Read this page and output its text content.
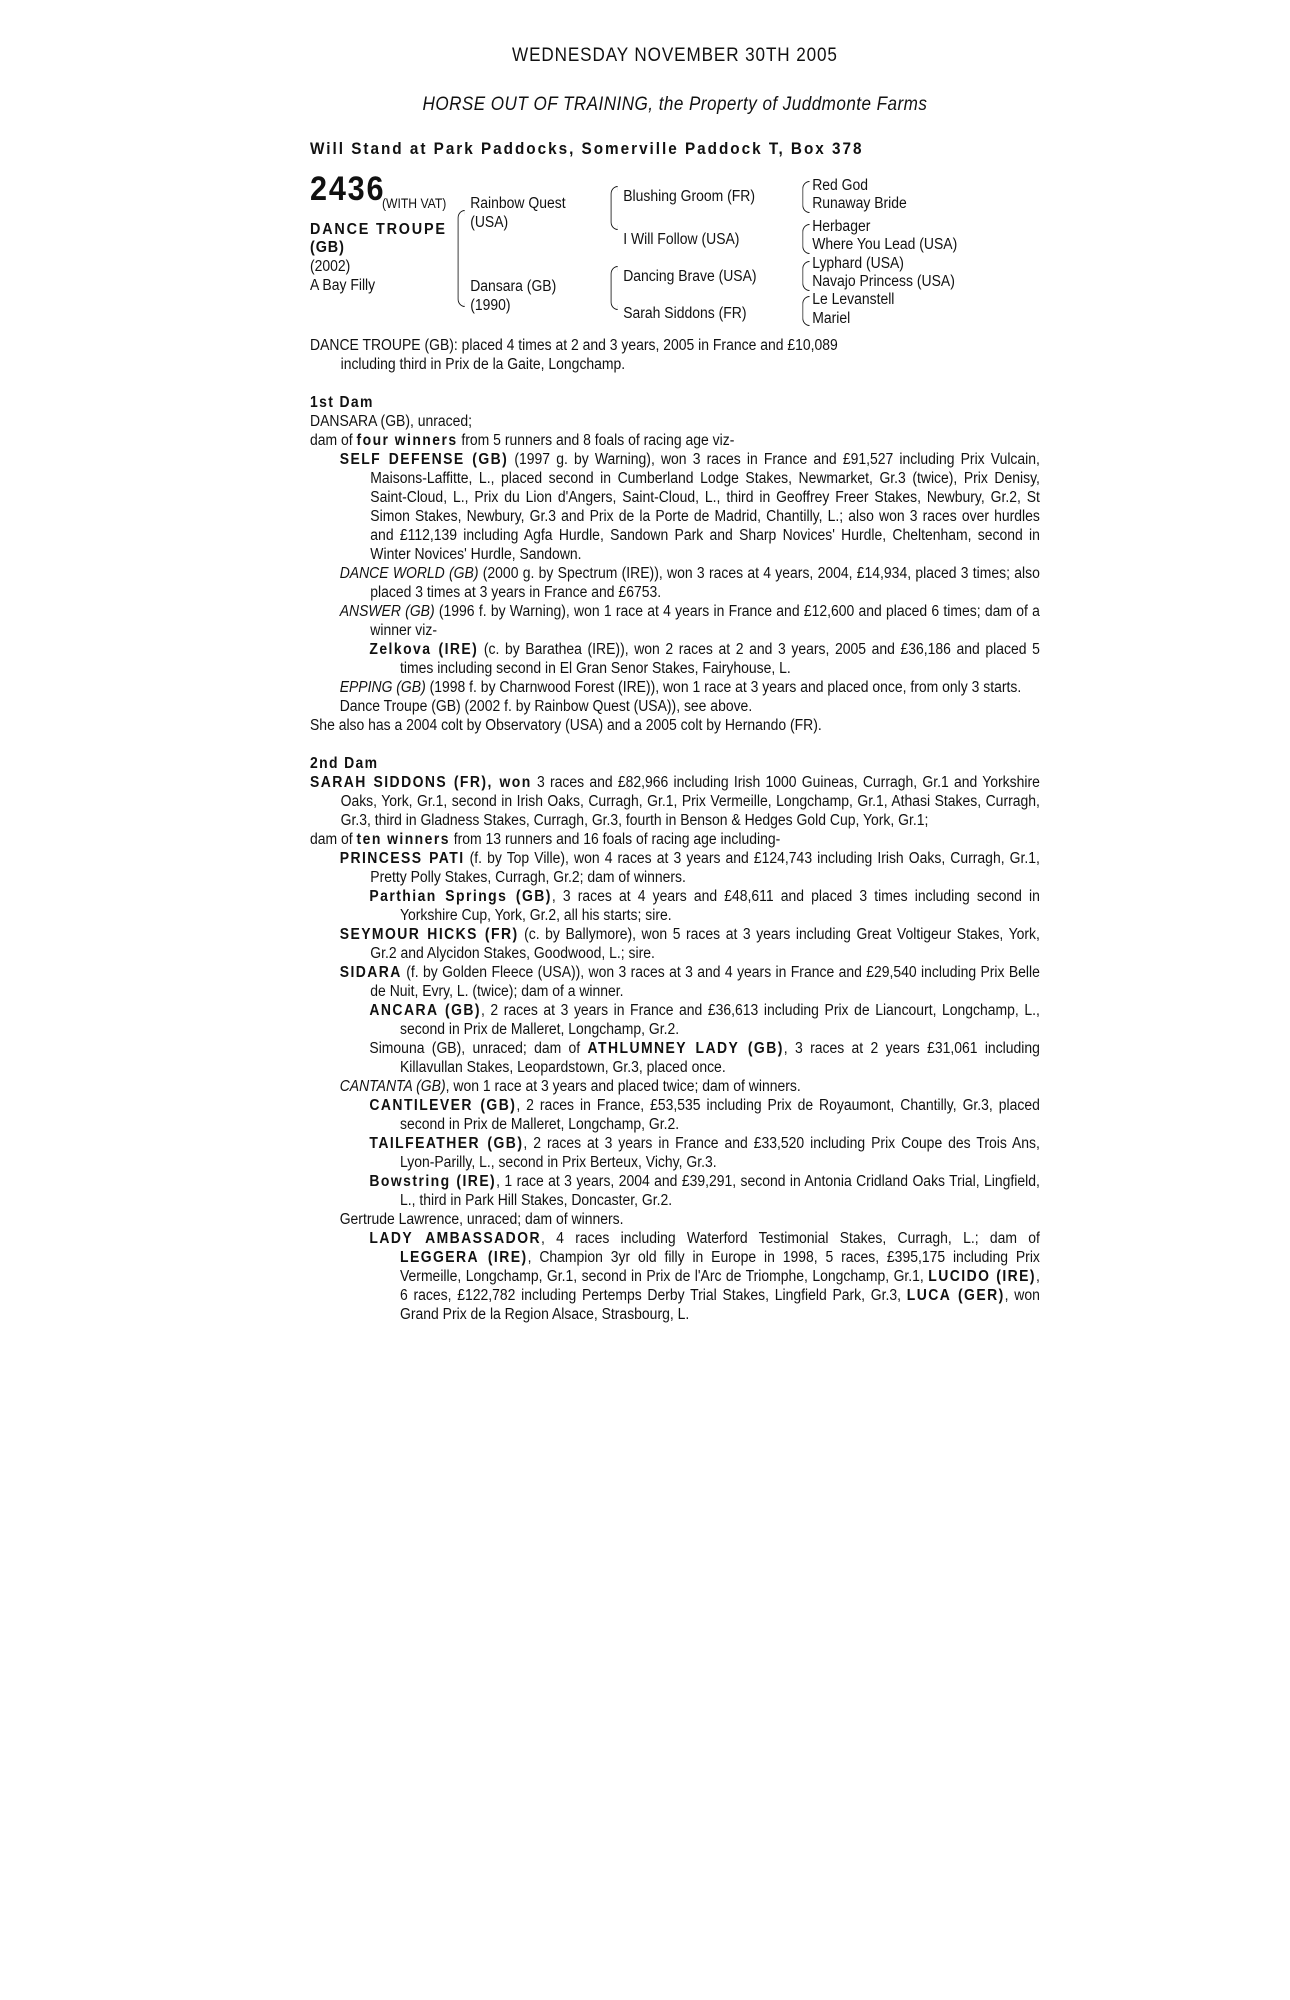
WEDNESDAY NOVEMBER 30TH 2005
HORSE OUT OF TRAINING, the Property of Juddmonte Farms
Will Stand at Park Paddocks, Somerville Paddock T, Box 378
2436
(WITH VAT)
DANCE TROUPE
(GB)
(2002)
A Bay Filly
Rainbow Quest
(USA)
Dansara (GB)
(1990)
Blushing Groom (FR)
I Will Follow (USA)
Dancing Brave (USA)
Sarah Siddons (FR)
Red God
Runaway Bride
Herbager
Where You Lead (USA)
Lyphard (USA)
Navajo Princess (USA)
Le Levanstell
Mariel

DANCE TROUPE (GB): placed 4 times at 2 and 3 years, 2005 in France and £10,089

including third in Prix de la Gaite, Longchamp.

1st Dam

DANSARA (GB), unraced;

dam of four winners from 5 runners and 8 foals of racing age viz-

SELF DEFENSE (GB) (1997 g. by Warning), won 3 races in France and £91,527 including Prix Vulcain, Maisons-Laffitte, L., placed second in Cumberland Lodge Stakes, Newmarket, Gr.3 (twice), Prix Denisy, Saint-Cloud, L., Prix du Lion d'Angers, Saint-Cloud, L., third in Geoffrey Freer Stakes, Newbury, Gr.2, St Simon Stakes, Newbury, Gr.3 and Prix de la Porte de Madrid, Chantilly, L.; also won 3 races over hurdles and £112,139 including Agfa Hurdle, Sandown Park and Sharp Novices' Hurdle, Cheltenham, second in Winter Novices' Hurdle, Sandown.

DANCE WORLD (GB) (2000 g. by Spectrum (IRE)), won 3 races at 4 years, 2004, £14,934, placed 3 times; also placed 3 times at 3 years in France and £6753.

ANSWER (GB) (1996 f. by Warning), won 1 race at 4 years in France and £12,600 and placed 6 times; dam of a winner viz-

Zelkova (IRE) (c. by Barathea (IRE)), won 2 races at 2 and 3 years, 2005 and £36,186 and placed 5 times including second in El Gran Senor Stakes, Fairyhouse, L.

EPPING (GB) (1998 f. by Charnwood Forest (IRE)), won 1 race at 3 years and placed once, from only 3 starts.

Dance Troupe (GB) (2002 f. by Rainbow Quest (USA)), see above.

She also has a 2004 colt by Observatory (USA) and a 2005 colt by Hernando (FR).

2nd Dam

SARAH SIDDONS (FR), won 3 races and £82,966 including Irish 1000 Guineas, Curragh, Gr.1 and Yorkshire Oaks, York, Gr.1, second in Irish Oaks, Curragh, Gr.1, Prix Vermeille, Longchamp, Gr.1, Athasi Stakes, Curragh, Gr.3, third in Gladness Stakes, Curragh, Gr.3, fourth in Benson & Hedges Gold Cup, York, Gr.1;

dam of ten winners from 13 runners and 16 foals of racing age including-

PRINCESS PATI (f. by Top Ville), won 4 races at 3 years and £124,743 including Irish Oaks, Curragh, Gr.1, Pretty Polly Stakes, Curragh, Gr.2; dam of winners.

Parthian Springs (GB), 3 races at 4 years and £48,611 and placed 3 times including second in Yorkshire Cup, York, Gr.2, all his starts; sire.

SEYMOUR HICKS (FR) (c. by Ballymore), won 5 races at 3 years including Great Voltigeur Stakes, York, Gr.2 and Alycidon Stakes, Goodwood, L.; sire.

SIDARA (f. by Golden Fleece (USA)), won 3 races at 3 and 4 years in France and £29,540 including Prix Belle de Nuit, Evry, L. (twice); dam of a winner.

ANCARA (GB), 2 races at 3 years in France and £36,613 including Prix de Liancourt, Longchamp, L., second in Prix de Malleret, Longchamp, Gr.2.

Simouna (GB), unraced; dam of ATHLUMNEY LADY (GB), 3 races at 2 years £31,061 including Killavullan Stakes, Leopardstown, Gr.3, placed once.

CANTANTA (GB), won 1 race at 3 years and placed twice; dam of winners.

CANTILEVER (GB), 2 races in France, £53,535 including Prix de Royaumont, Chantilly, Gr.3, placed second in Prix de Malleret, Longchamp, Gr.2.

TAILFEATHER (GB), 2 races at 3 years in France and £33,520 including Prix Coupe des Trois Ans, Lyon-Parilly, L., second in Prix Berteux, Vichy, Gr.3.

Bowstring (IRE), 1 race at 3 years, 2004 and £39,291, second in Antonia Cridland Oaks Trial, Lingfield, L., third in Park Hill Stakes, Doncaster, Gr.2.

Gertrude Lawrence, unraced; dam of winners.

LADY AMBASSADOR, 4 races including Waterford Testimonial Stakes, Curragh, L.; dam of LEGGERA (IRE), Champion 3yr old filly in Europe in 1998, 5 races, £395,175 including Prix Vermeille, Longchamp, Gr.1, second in Prix de l'Arc de Triomphe, Longchamp, Gr.1, LUCIDO (IRE), 6 races, £122,782 including Pertemps Derby Trial Stakes, Lingfield Park, Gr.3, LUCA (GER), won Grand Prix de la Region Alsace, Strasbourg, L.
